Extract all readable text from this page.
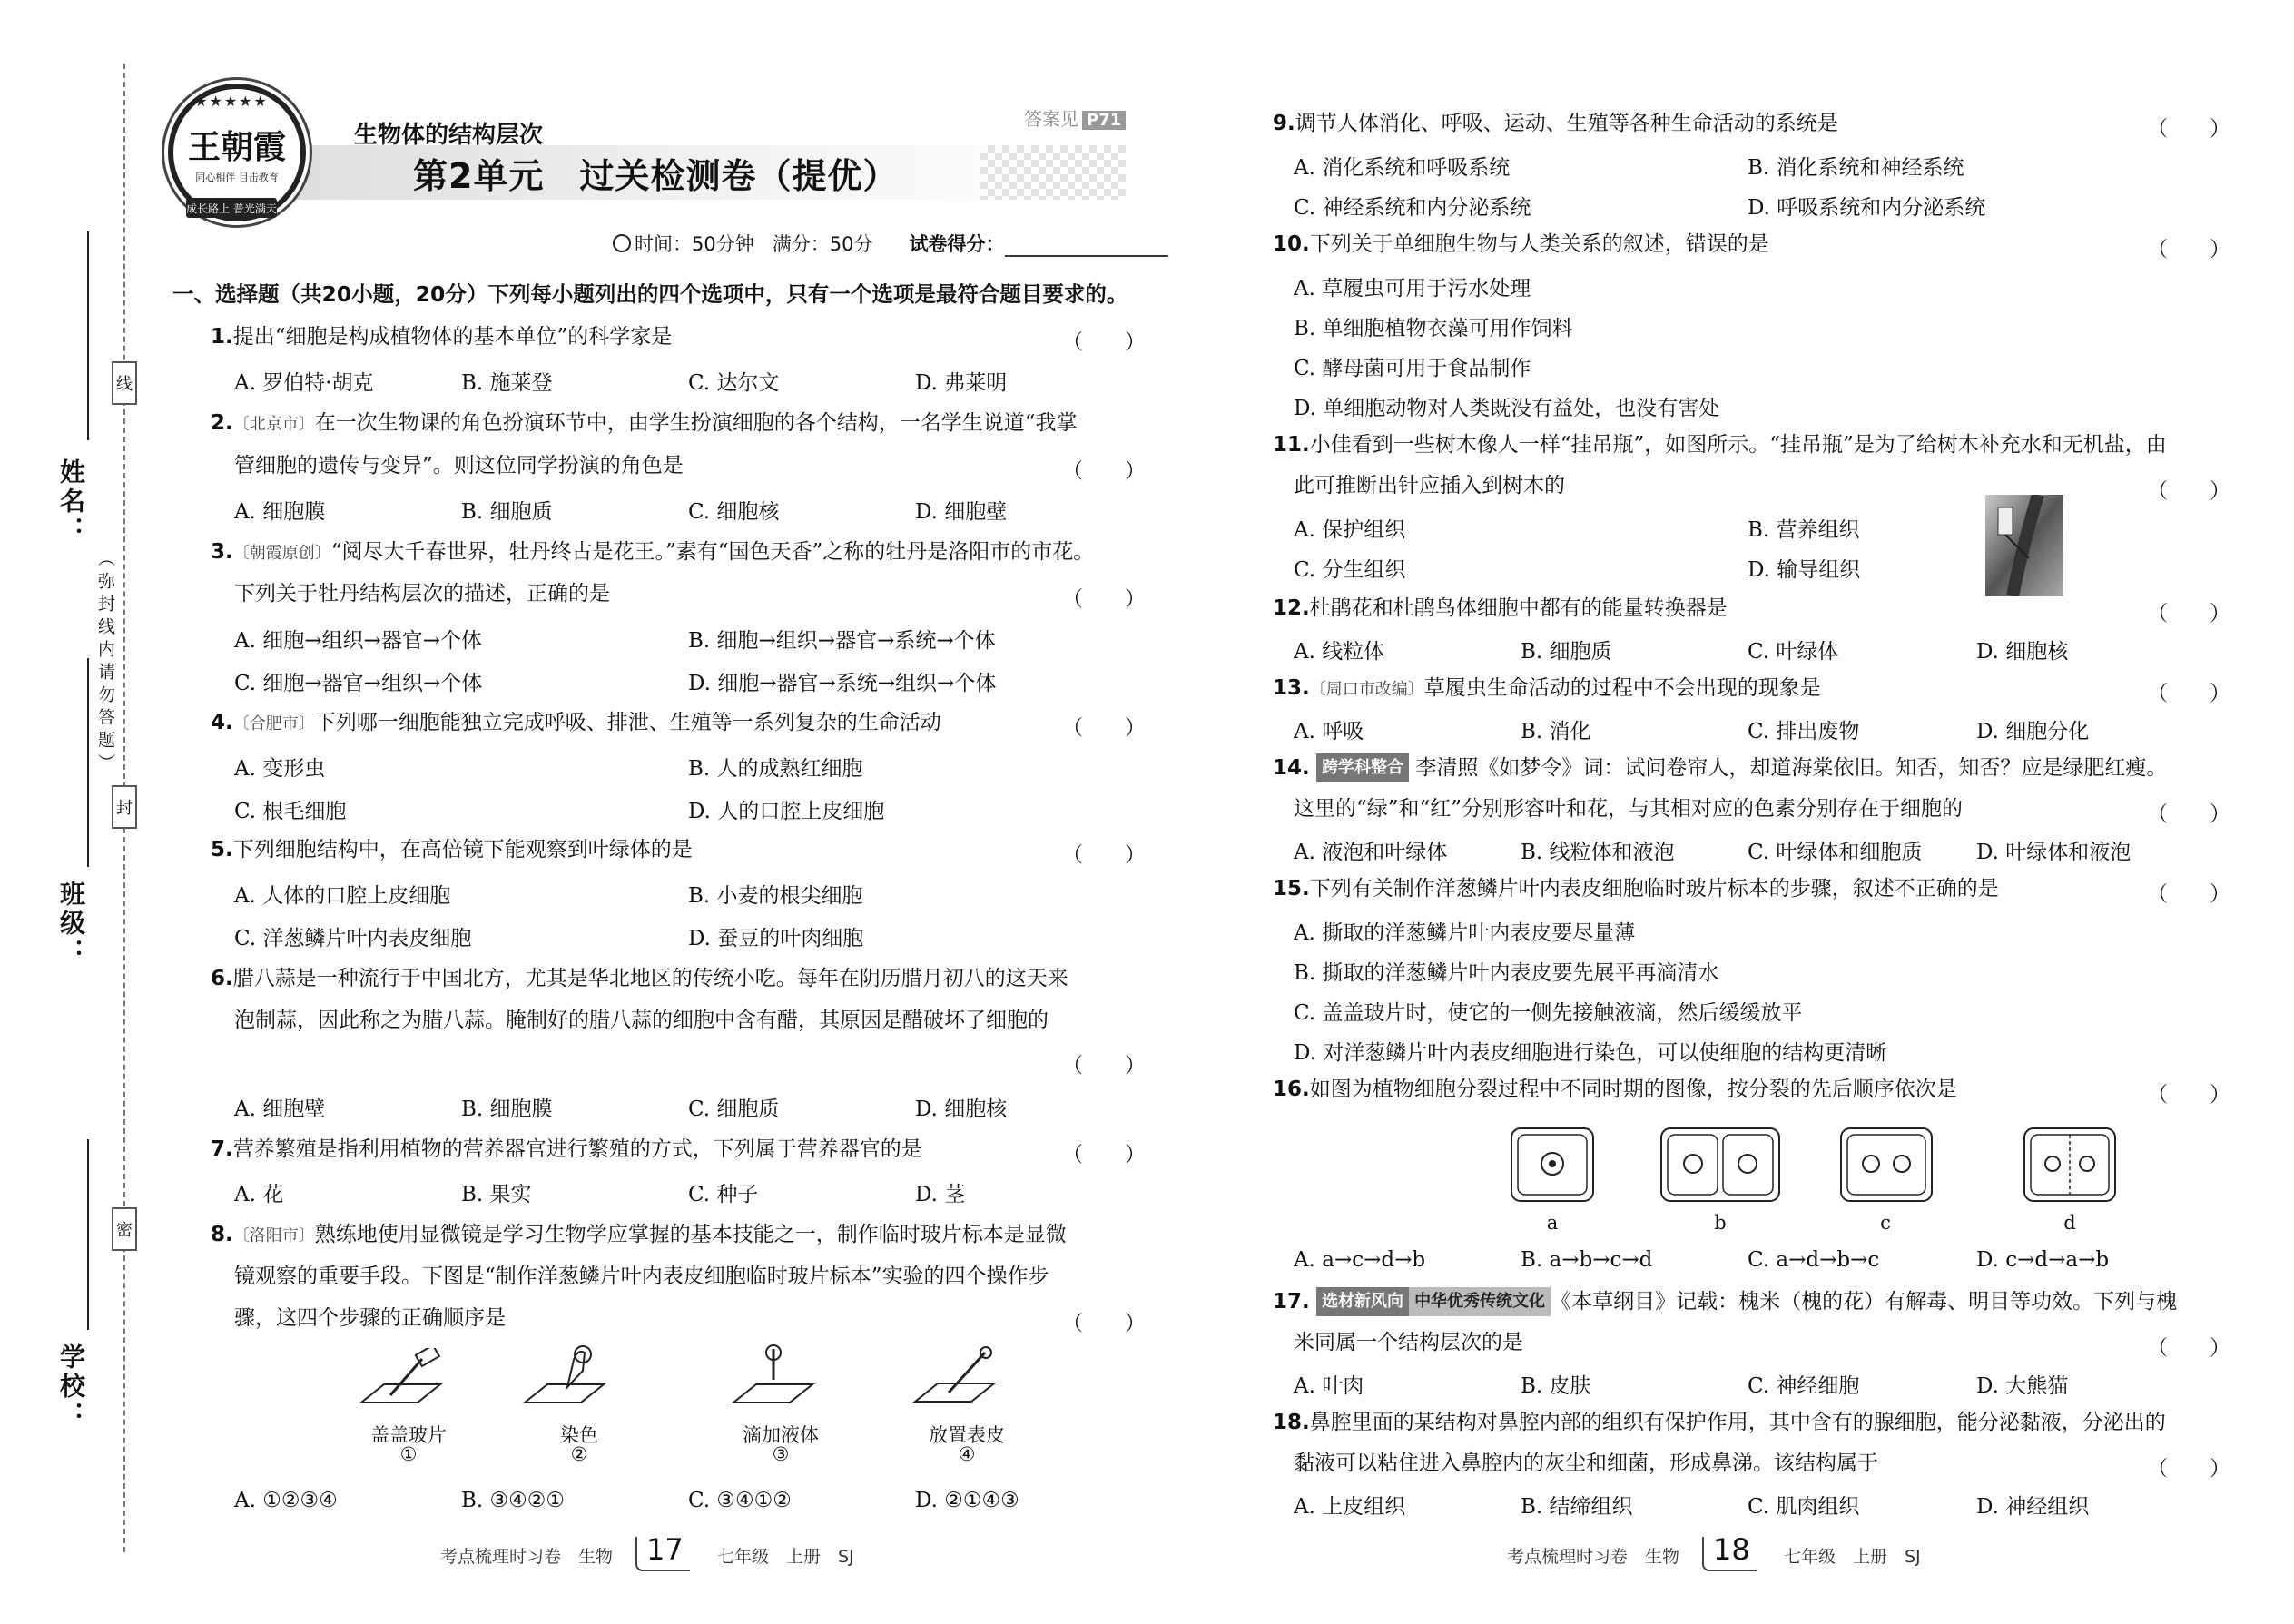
线
封
密
（弥封线内请勿答题）
姓名：
班级：
学校：
王朝霞
同心相伴 目击教育
★★★★★
成长路上 普光满天
生物体的结构层次
第2单元　过关检测卷（提优）
答案见 P71
时间：50分钟 满分：50分 试卷得分：
一、选择题（共20小题，20分）下列每小题列出的四个选项中，只有一个选项是最符合题目要求的。
1.提出“细胞是构成植物体的基本单位”的科学家是	（　　）
A. 罗伯特·胡克	B. 施莱登	C. 达尔文	D. 弗莱明
2.〔北京市〕在一次生物课的角色扮演环节中，由学生扮演细胞的各个结构，一名学生说道“我掌
管细胞的遗传与变异”。则这位同学扮演的角色是	（　　）
A. 细胞膜	B. 细胞质	C. 细胞核	D. 细胞壁
3.〔朝霞原创〕“阅尽大千春世界，牡丹终古是花王。”素有“国色天香”之称的牡丹是洛阳市的市花。
下列关于牡丹结构层次的描述，正确的是	（　　）
A. 细胞→组织→器官→个体	B. 细胞→组织→器官→系统→个体
C. 细胞→器官→组织→个体	D. 细胞→器官→系统→组织→个体
4.〔合肥市〕下列哪一细胞能独立完成呼吸、排泄、生殖等一系列复杂的生命活动	（　　）
A. 变形虫	B. 人的成熟红细胞
C. 根毛细胞	D. 人的口腔上皮细胞
5.下列细胞结构中，在高倍镜下能观察到叶绿体的是	（　　）
A. 人体的口腔上皮细胞	B. 小麦的根尖细胞
C. 洋葱鳞片叶内表皮细胞	D. 蚕豆的叶肉细胞
6.腊八蒜是一种流行于中国北方，尤其是华北地区的传统小吃。每年在阴历腊月初八的这天来
泡制蒜，因此称之为腊八蒜。腌制好的腊八蒜的细胞中含有醋，其原因是醋破坏了细胞的
（　　）
A. 细胞壁	B. 细胞膜	C. 细胞质	D. 细胞核
7.营养繁殖是指利用植物的营养器官进行繁殖的方式，下列属于营养器官的是	（　　）
A. 花	B. 果实	C. 种子	D. 茎
8.〔洛阳市〕熟练地使用显微镜是学习生物学应掌握的基本技能之一，制作临时玻片标本是显微
镜观察的重要手段。下图是“制作洋葱鳞片叶内表皮细胞临时玻片标本”实验的四个操作步
骤，这四个步骤的正确顺序是	（　　）
盖盖玻片
①
染色
②
滴加液体
③
放置表皮
④
A. ①②③④	B. ③④②①	C. ③④①②	D. ②①④③
考点梳理时习卷　生物 17 七年级　上册　SJ
9.调节人体消化、呼吸、运动、生殖等各种生命活动的系统是	（　　）
A. 消化系统和呼吸系统	B. 消化系统和神经系统
C. 神经系统和内分泌系统	D. 呼吸系统和内分泌系统
10.下列关于单细胞生物与人类关系的叙述，错误的是	（　　）
A. 草履虫可用于污水处理
B. 单细胞植物衣藻可用作饲料
C. 酵母菌可用于食品制作
D. 单细胞动物对人类既没有益处，也没有害处
11.小佳看到一些树木像人一样“挂吊瓶”，如图所示。“挂吊瓶”是为了给树木补充水和无机盐，由
此可推断出针应插入到树木的	（　　）
A. 保护组织	B. 营养组织
C. 分生组织	D. 输导组织
12.杜鹃花和杜鹃鸟体细胞中都有的能量转换器是	（　　）
A. 线粒体	B. 细胞质	C. 叶绿体	D. 细胞核
13.〔周口市改编〕草履虫生命活动的过程中不会出现的现象是	（　　）
A. 呼吸	B. 消化	C. 排出废物	D. 细胞分化
14. 跨学科整合 李清照《如梦令》词：试问卷帘人，却道海棠依旧。知否，知否？应是绿肥红瘦。
这里的“绿”和“红”分别形容叶和花，与其相对应的色素分别存在于细胞的	（　　）
A. 液泡和叶绿体	B. 线粒体和液泡	C. 叶绿体和细胞质	D. 叶绿体和液泡
15.下列有关制作洋葱鳞片叶内表皮细胞临时玻片标本的步骤，叙述不正确的是	（　　）
A. 撕取的洋葱鳞片叶内表皮要尽量薄
B. 撕取的洋葱鳞片叶内表皮要先展平再滴清水
C. 盖盖玻片时，使它的一侧先接触液滴，然后缓缓放平
D. 对洋葱鳞片叶内表皮细胞进行染色，可以使细胞的结构更清晰
16.如图为植物细胞分裂过程中不同时期的图像，按分裂的先后顺序依次是	（　　）
a	b	c	d
A. a→c→d→b	B. a→b→c→d	C. a→d→b→c	D. c→d→a→b
17. 选材新风向 中华优秀传统文化 《本草纲目》记载：槐米（槐的花）有解毒、明目等功效。下列与槐
米同属一个结构层次的是	（　　）
A. 叶肉	B. 皮肤	C. 神经细胞	D. 大熊猫
18.鼻腔里面的某结构对鼻腔内部的组织有保护作用，其中含有的腺细胞，能分泌黏液，分泌出的
黏液可以粘住进入鼻腔内的灰尘和细菌，形成鼻涕。该结构属于	（　　）
A. 上皮组织	B. 结缔组织	C. 肌肉组织	D. 神经组织
考点梳理时习卷　生物 18 七年级　上册　SJ
